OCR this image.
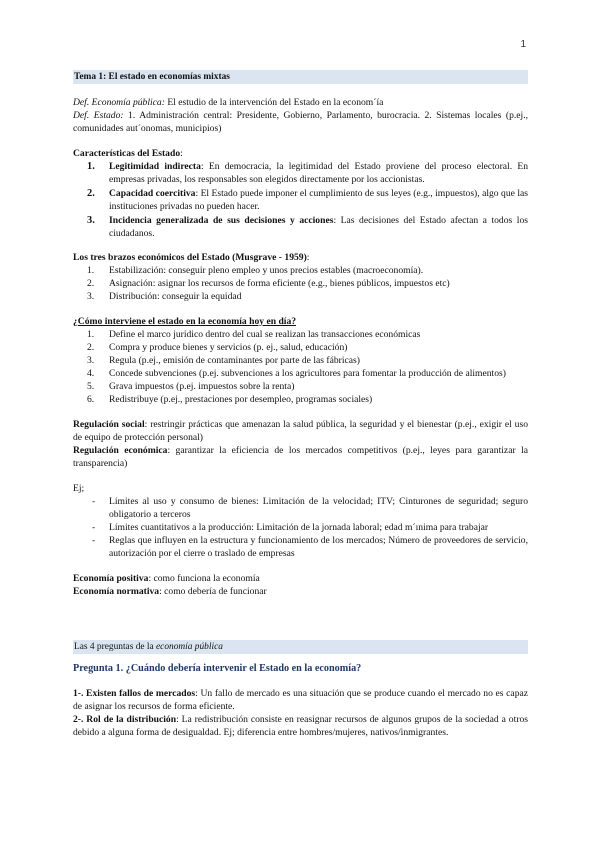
1
Tema 1: El estado en economías mixtas

Def. Economía pública: El estudio de la intervención del Estado en la econom´ía

Def. Estado: 1. Administración central: Presidente, Gobierno, Parlamento, burocracia. 2. Sistemas locales (p.ej., comunidades aut´onomas, municipios)

Características del Estado:

1. Legitimidad indirecta: En democracia, la legitimidad del Estado proviene del proceso electoral. En empresas privadas, los responsables son elegidos directamente por los accionistas.
2. Capacidad coercitiva: El Estado puede imponer el cumplimiento de sus leyes (e.g., impuestos), algo que las instituciones privadas no pueden hacer.
3. Incidencia generalizada de sus decisiones y acciones: Las decisiones del Estado afectan a todos los ciudadanos.

Los tres brazos económicos del Estado (Musgrave - 1959):

1. Estabilización: conseguir pleno empleo y unos precios estables (macroeconomía).
2. Asignación: asignar los recursos de forma eficiente (e.g., bienes públicos, impuestos etc)
3. Distribución: conseguir la equidad

¿Cómo interviene el estado en la economía hoy en día?

1. Define el marco jurídico dentro del cual se realizan las transacciones económicas
2. Compra y produce bienes y servicios (p. ej., salud, educación)
3. Regula (p.ej., emisión de contaminantes por parte de las fábricas)
4. Concede subvenciones (p.ej. subvenciones a los agricultores para fomentar la producción de alimentos)
5. Grava impuestos (p.ej. impuestos sobre la renta)
6. Redistribuye (p.ej., prestaciones por desempleo, programas sociales)

Regulación social: restringir prácticas que amenazan la salud pública, la seguridad y el bienestar (p.ej., exigir el uso de equipo de protección personal)

Regulación económica: garantizar la eficiencia de los mercados competitivos (p.ej., leyes para garantizar la transparencia)

Ej;

- Límites al uso y consumo de bienes: Limitación de la velocidad; ITV; Cinturones de seguridad; seguro obligatorio a terceros
- Límites cuantitativos a la producción: Limitación de la jornada laboral; edad m´ınima para trabajar
- Reglas que influyen en la estructura y funcionamiento de los mercados; Número de proveedores de servicio, autorización por el cierre o traslado de empresas

Economía positiva: como funciona la economía

Economía normativa: como debería de funcionar

Las 4 preguntas de la economía pública

Pregunta 1. ¿Cuándo debería intervenir el Estado en la economía?

1-. Existen fallos de mercados: Un fallo de mercado es una situación que se produce cuando el mercado no es capaz de asignar los recursos de forma eficiente.

2-. Rol de la distribución: La redistribución consiste en reasignar recursos de algunos grupos de la sociedad a otros debido a alguna forma de desigualdad. Ej; diferencia entre hombres/mujeres, nativos/inmigrantes.
